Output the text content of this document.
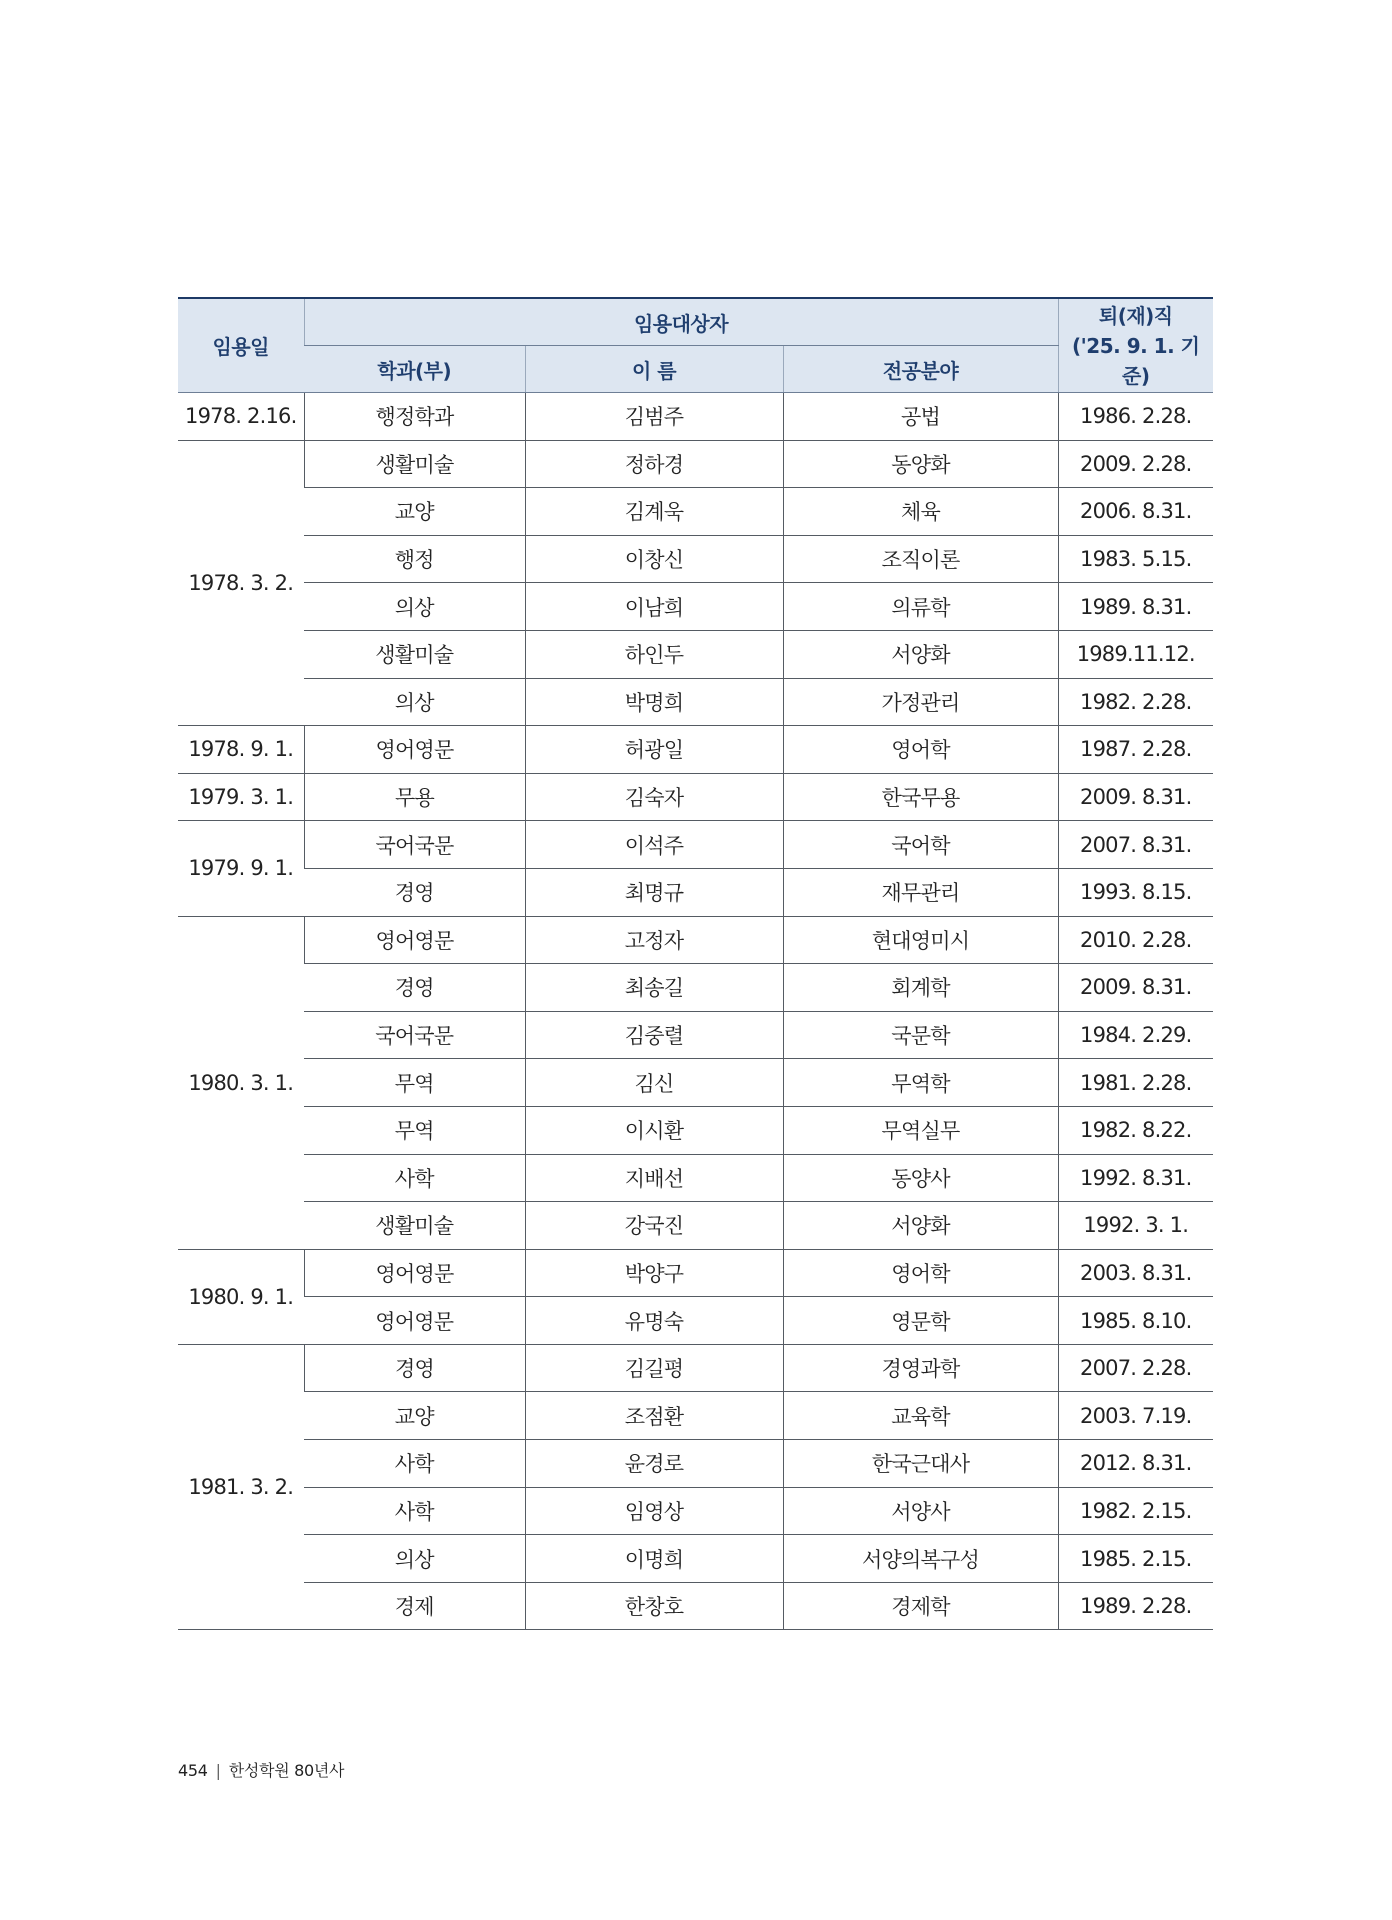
임용일	임용대상자			퇴(재)직
('25. 9. 1. 기준)
	학과(부)	이 름	전공분야	
1978. 2.16.	행정학과	김범주	공법	1986. 2.28.
1978. 3. 2.	생활미술	정하경	동양화	2009. 2.28.
	교양	김계욱	체육	2006. 8.31.
	행정	이창신	조직이론	1983. 5.15.
	의상	이남희	의류학	1989. 8.31.
	생활미술	하인두	서양화	1989.11.12.
	의상	박명희	가정관리	1982. 2.28.
1978. 9. 1.	영어영문	허광일	영어학	1987. 2.28.
1979. 3. 1.	무용	김숙자	한국무용	2009. 8.31.
1979. 9. 1.	국어국문	이석주	국어학	2007. 8.31.
	경영	최명규	재무관리	1993. 8.15.
1980. 3. 1.	영어영문	고정자	현대영미시	2010. 2.28.
	경영	최송길	회계학	2009. 8.31.
	국어국문	김중렬	국문학	1984. 2.29.
	무역	김신	무역학	1981. 2.28.
	무역	이시환	무역실무	1982. 8.22.
	사학	지배선	동양사	1992. 8.31.
	생활미술	강국진	서양화	1992. 3. 1.
1980. 9. 1.	영어영문	박양구	영어학	2003. 8.31.
	영어영문	유명숙	영문학	1985. 8.10.
1981. 3. 2.	경영	김길평	경영과학	2007. 2.28.
	교양	조점환	교육학	2003. 7.19.
	사학	윤경로	한국근대사	2012. 8.31.
	사학	임영상	서양사	1982. 2.15.
	의상	이명희	서양의복구성	1985. 2.15.
	경제	한창호	경제학	1989. 2.28.
454 | 한성학원 80년사
